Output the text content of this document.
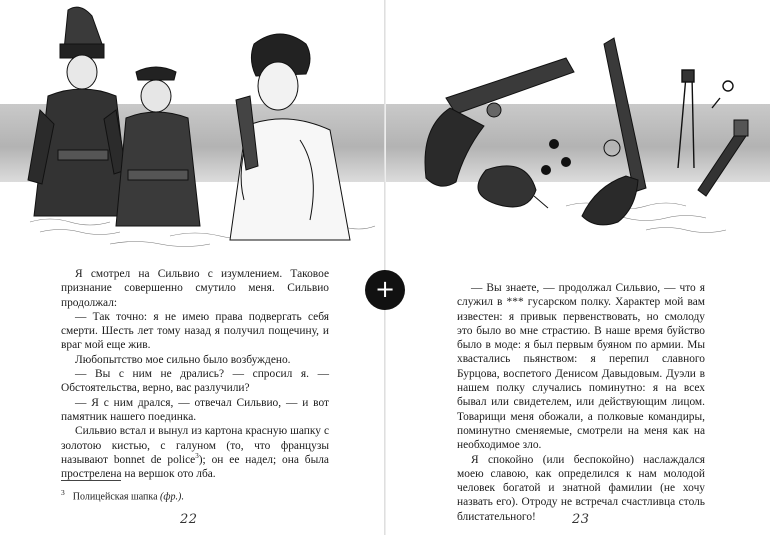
Я смотрел на Сильвио с изумлением. Таковое признание совершенно смутило меня. Сильвио продолжал:

— Так точно: я не имею права подвергать себя смерти. Шесть лет тому назад я получил пощечину, и враг мой еще жив.

Любопытство мое сильно было возбуждено.

— Вы с ним не дрались? — спросил я. — Обстоятельства, верно, вас разлучили?

— Я с ним дрался, — отвечал Сильвио, — и вот памятник нашего поединка.

Сильвио встал и вынул из картона красную шапку с золотою кистью, с галуном (то, что французы называют bonnet de police$^3$); он ее надел; она была прострелена на вершок ото лба.

$^3$ Полицейская шапка (фр.).
22

— Вы знаете, — продолжал Сильвио, — что я служил в *** гусарском полку. Характер мой вам известен: я привык первенствовать, но смолоду это было во мне страстию. В наше время буйство было в моде: я был первым буяном по армии. Мы хвастались пьянством: я перепил славного Бурцова, воспетого Денисом Давыдовым. Дуэли в нашем полку случались поминутно: я на всех бывал или свидетелем, или действующим лицом. Товарищи меня обожали, а полковые командиры, поминутно сменяемые, смотрели на меня как на необходимое зло.

Я спокойно (или беспокойно) наслаждался моею славою, как определился к нам молодой человек богатой и знатной фамилии (не хочу назвать его). Отроду не встречал счастливца столь блистательного!	23
+
